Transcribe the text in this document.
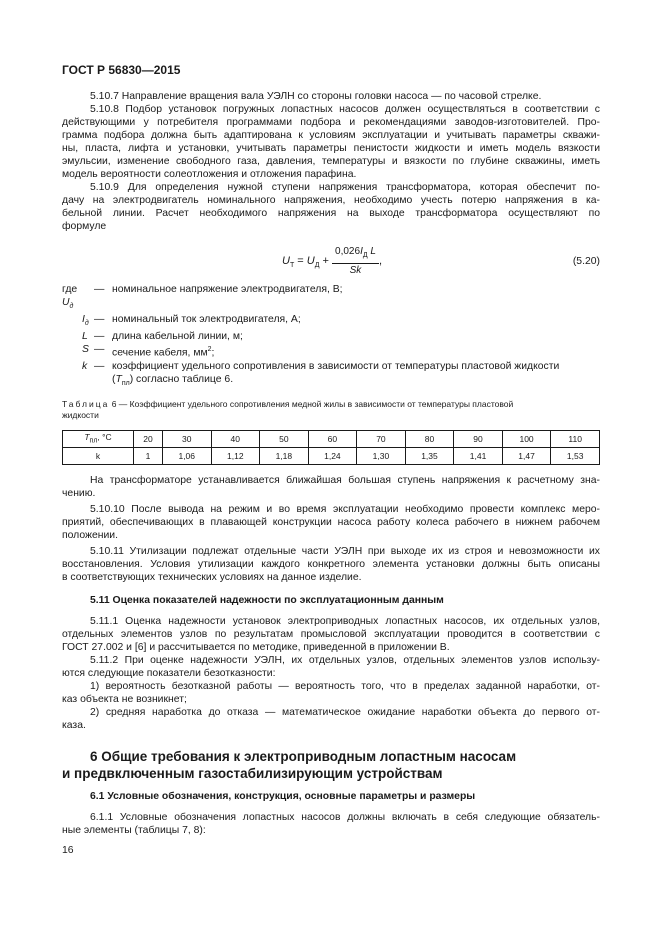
ГОСТ Р 56830—2015

5.10.7 Направление вращения вала УЭЛН со стороны головки насоса — по часовой стрелке.

5.10.8 Подбор установок погружных лопастных насосов должен осуществляться в соответствии с
действующими у потребителя программами подбора и рекомендациями заводов-изготовителей. Про-
грамма подбора должна быть адаптирована к условиям эксплуатации и учитывать параметры скважи-
ны, пласта, лифта и установки, учитывать параметры пенистости жидкости и иметь модель вязкости
эмульсии, изменение свободного газа, давления, температуры и вязкости по глубине скважины, иметь
модель вероятности солеотложения и отложения парафина.
5.10.9 Для определения нужной ступени напряжения трансформатора, которая обеспечит по-
дачу на электродвигатель номинального напряжения, необходимо учесть потерю напряжения в ка-
бельной линии. Расчет необходимого напряжения на выходе трансформатора осуществляют по
формуле
$U_Т = U_Д + \frac{0,026I_Д L}{Sk}$ ,	(5.20)
где $U_д$
— номинальное напряжение электродвигателя, В;
$I_д$ — номинальный ток электродвигателя, А;
L — длина кабельной линии, м;
S — сечение кабеля, $мм^2$;
k — коэффициент удельного сопротивления в зависимости от температуры пластовой жидкости
$(T_{пл})$ согласно таблице 6.
Таблица 6 — Коэффициент удельного сопротивления медной жилы в зависимости от температуры пластовой
жидкости
$T_{пл}$, °С	20	30	40	50	60	70	80	90	100	110
k	1	1,06	1,12	1,18	1,24	1,30	1,35	1,41	1,47	1,53
На трансформаторе устанавливается ближайшая большая ступень напряжения к расчетному зна-
чению.
5.10.10 После вывода на режим и во время эксплуатации необходимо провести комплекс меро-
приятий, обеспечивающих в плавающей конструкции насоса работу колеса рабочего в нижнем рабочем
положении.
5.10.11 Утилизации подлежат отдельные части УЭЛН при выходе их из строя и невозможности их
восстановления. Условия утилизации каждого конкретного элемента установки должны быть описаны
в соответствующих технических условиях на данное изделие.
5.11 Оценка показателей надежности по эксплуатационным данным
5.11.1 Оценка надежности установок электроприводных лопастных насосов, их отдельных узлов,
отдельных элементов узлов по результатам промысловой эксплуатации проводится в соответствии с
ГОСТ 27.002 и [6] и рассчитывается по методике, приведенной в приложении В.
5.11.2 При оценке надежности УЭЛН, их отдельных узлов, отдельных элементов узлов использу-
ются следующие показатели безотказности:
1) вероятность безотказной работы — вероятность того, что в пределах заданной наработки, от-
каз объекта не возникнет;
2) средняя наработка до отказа — математическое ожидание наработки объекта до первого от-
каза.
6 Общие требования к электроприводным лопастным насосам
и предвключенным газостабилизирующим устройствам
6.1 Условные обозначения, конструкция, основные параметры и размеры
6.1.1 Условные обозначения лопастных насосов должны включать в себя следующие обязатель-
ные элементы (таблицы 7, 8):
16
